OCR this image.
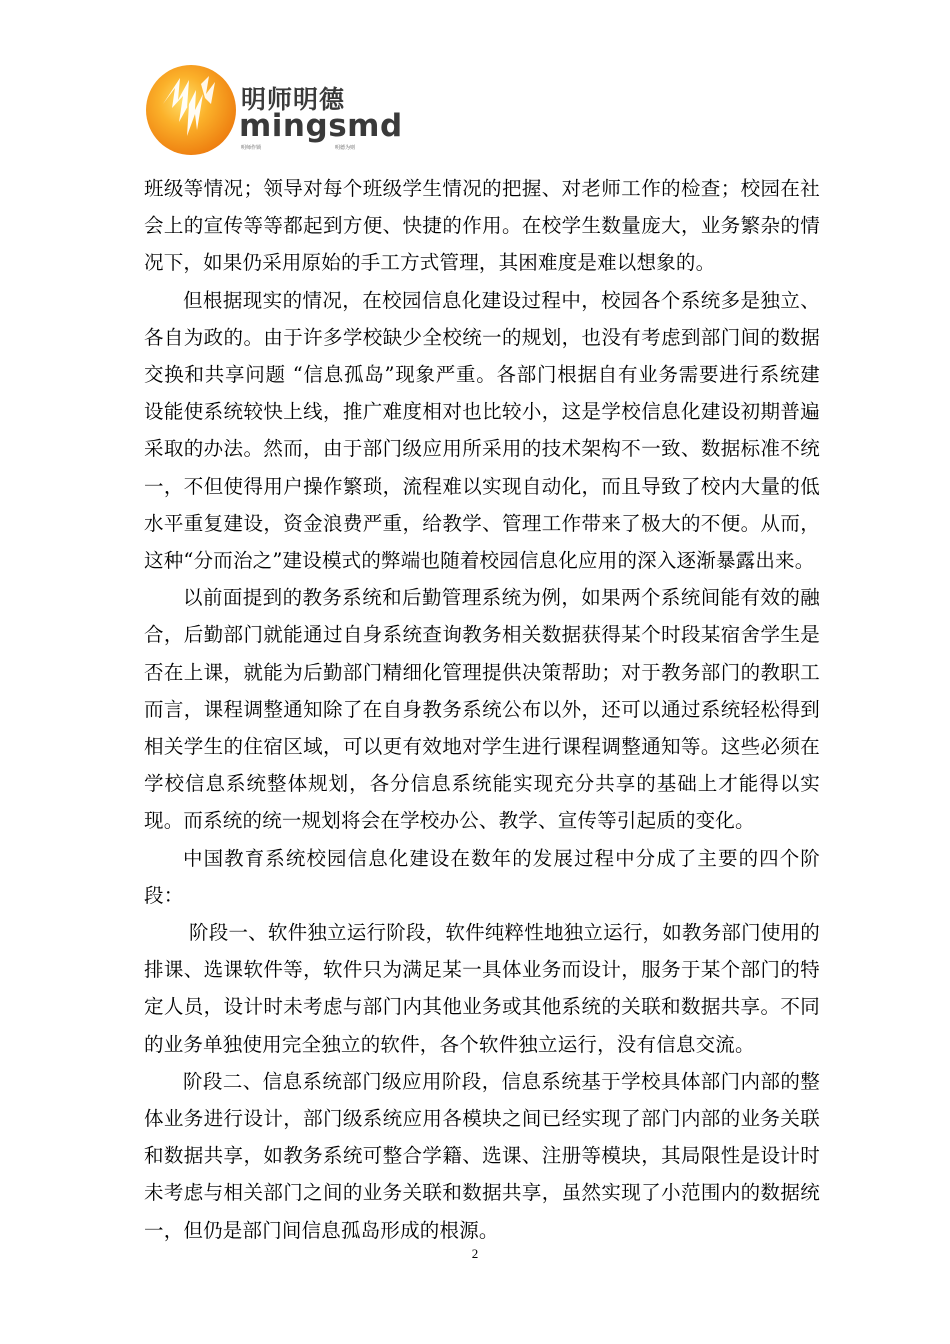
明师明德
mingsmd
明师作锁	明德为则

班级等情况；领导对每个班级学生情况的把握、对老师工作的检查；校园在社会上的宣传等等都起到方便、快捷的作用。在校学生数量庞大，业务繁杂的情况下，如果仍采用原始的手工方式管理，其困难度是难以想象的。

但根据现实的情况，在校园信息化建设过程中，校园各个系统多是独立、各自为政的。由于许多学校缺少全校统一的规划，也没有考虑到部门间的数据交换和共享问题 “信息孤岛”现象严重。各部门根据自有业务需要进行系统建设能使系统较快上线，推广难度相对也比较小，这是学校信息化建设初期普遍采取的办法。然而，由于部门级应用所采用的技术架构不一致、数据标准不统一，不但使得用户操作繁琐，流程难以实现自动化，而且导致了校内大量的低水平重复建设，资金浪费严重，给教学、管理工作带来了极大的不便。从而，这种“分而治之”建设模式的弊端也随着校园信息化应用的深入逐渐暴露出来。

以前面提到的教务系统和后勤管理系统为例，如果两个系统间能有效的融合，后勤部门就能通过自身系统查询教务相关数据获得某个时段某宿舍学生是否在上课，就能为后勤部门精细化管理提供决策帮助；对于教务部门的教职工而言，课程调整通知除了在自身教务系统公布以外，还可以通过系统轻松得到相关学生的住宿区域，可以更有效地对学生进行课程调整通知等。这些必须在学校信息系统整体规划，各分信息系统能实现充分共享的基础上才能得以实现。而系统的统一规划将会在学校办公、教学、宣传等引起质的变化。

中国教育系统校园信息化建设在数年的发展过程中分成了主要的四个阶段：

阶段一、软件独立运行阶段，软件纯粹性地独立运行，如教务部门使用的排课、选课软件等，软件只为满足某一具体业务而设计，服务于某个部门的特定人员，设计时未考虑与部门内其他业务或其他系统的关联和数据共享。不同的业务单独使用完全独立的软件，各个软件独立运行，没有信息交流。

阶段二、信息系统部门级应用阶段，信息系统基于学校具体部门内部的整体业务进行设计，部门级系统应用各模块之间已经实现了部门内部的业务关联和数据共享，如教务系统可整合学籍、选课、注册等模块，其局限性是设计时未考虑与相关部门之间的业务关联和数据共享，虽然实现了小范围内的数据统一，但仍是部门间信息孤岛形成的根源。

2
